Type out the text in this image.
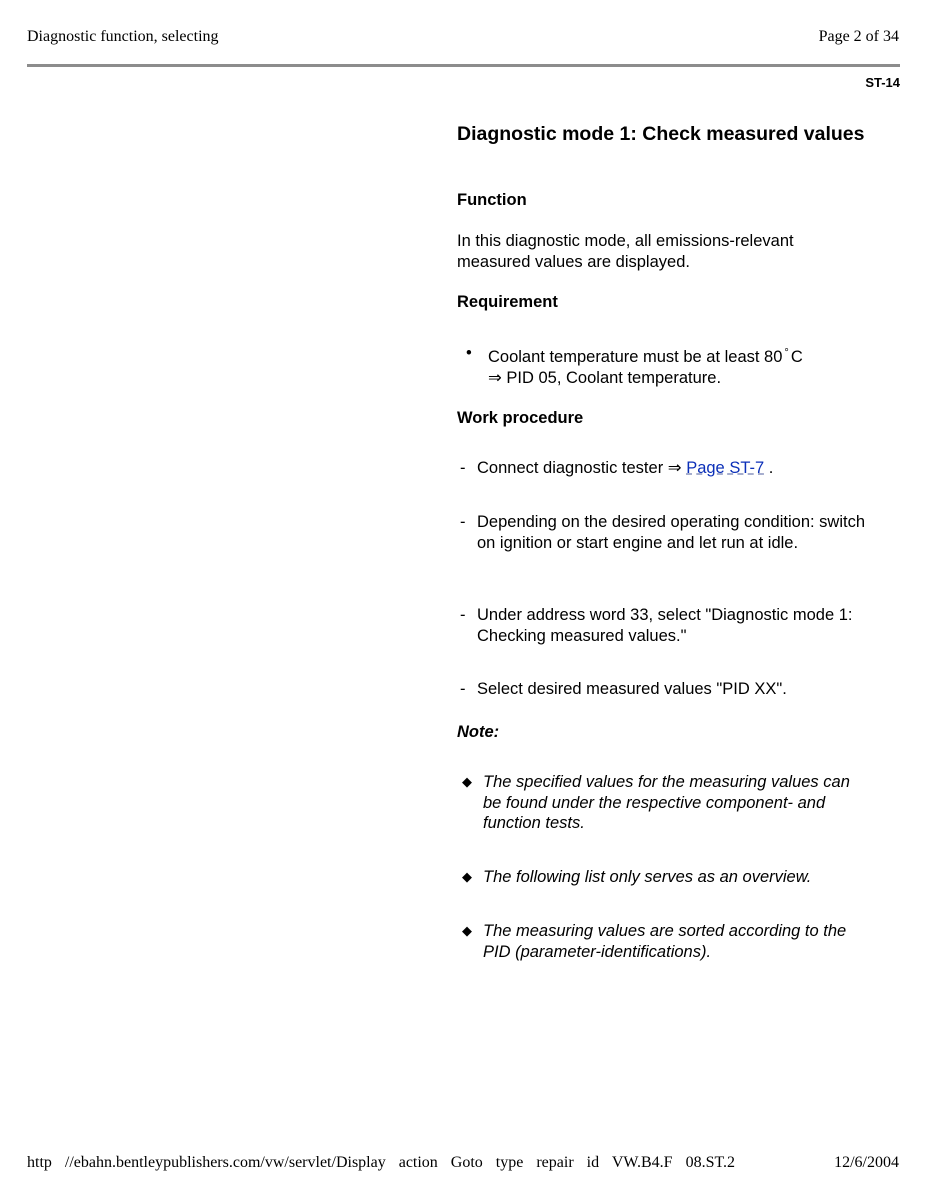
Diagnostic function, selecting	Page 2 of 34
ST-14
Diagnostic mode 1: Check measured values
Function
In this diagnostic mode, all emissions-relevant measured values are displayed.
Requirement
• Coolant temperature must be at least 80 ° C
⇒ PID 05, Coolant temperature.
Work procedure
- Connect diagnostic tester ⇒ Page ST-7 .
- Depending on the desired operating condition: switch on ignition or start engine and let run at idle.
- Under address word 33, select "Diagnostic mode 1: Checking measured values."
- Select desired measured values "PID XX".
Note:
◆ The specified values for the measuring values can be found under the respective component- and function tests.
◆ The following list only serves as an overview.
◆ The measuring values are sorted according to the PID (parameter-identifications).
http //ebahn.bentleypublishers.com/vw/servlet/Display action Goto type repair id VW.B4.F 08.ST.2	12/6/2004
